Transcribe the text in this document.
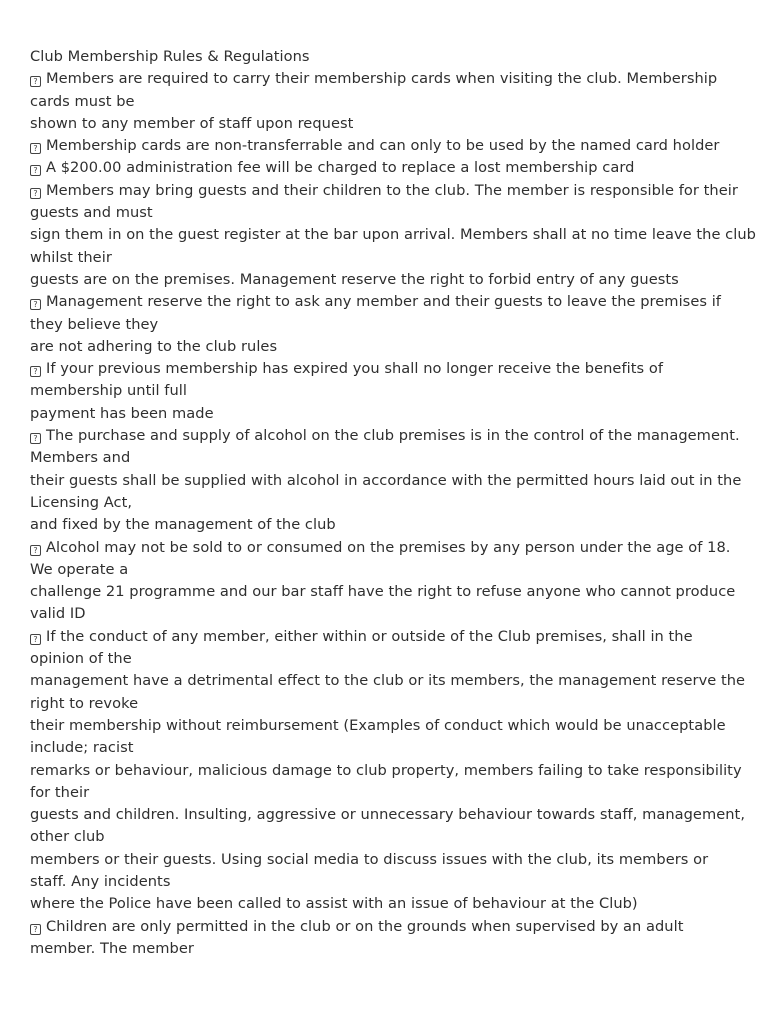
Club Membership Rules & Regulations
? Members are required to carry their membership cards when visiting the club. Membership
cards must be
shown to any member of staff upon request
? Membership cards are non-transferrable and can only to be used by the named card holder
? A $200.00 administration fee will be charged to replace a lost membership card
? Members may bring guests and their children to the club. The member is responsible for their
guests and must
sign them in on the guest register at the bar upon arrival. Members shall at no time leave the club
whilst their
guests are on the premises. Management reserve the right to forbid entry of any guests
? Management reserve the right to ask any member and their guests to leave the premises if
they believe they
are not adhering to the club rules
? If your previous membership has expired you shall no longer receive the benefits of
membership until full
payment has been made
? The purchase and supply of alcohol on the club premises is in the control of the management.
Members and
their guests shall be supplied with alcohol in accordance with the permitted hours laid out in the
Licensing Act,
and fixed by the management of the club
? Alcohol may not be sold to or consumed on the premises by any person under the age of 18.
We operate a
challenge 21 programme and our bar staff have the right to refuse anyone who cannot produce
valid ID
? If the conduct of any member, either within or outside of the Club premises, shall in the
opinion of the
management have a detrimental effect to the club or its members, the management reserve the
right to revoke
their membership without reimbursement (Examples of conduct which would be unacceptable
include; racist
remarks or behaviour, malicious damage to club property, members failing to take responsibility
for their
guests and children. Insulting, aggressive or unnecessary behaviour towards staff, management,
other club
members or their guests. Using social media to discuss issues with the club, its members or
staff. Any incidents
where the Police have been called to assist with an issue of behaviour at the Club)
? Children are only permitted in the club or on the grounds when supervised by an adult
member. The member
